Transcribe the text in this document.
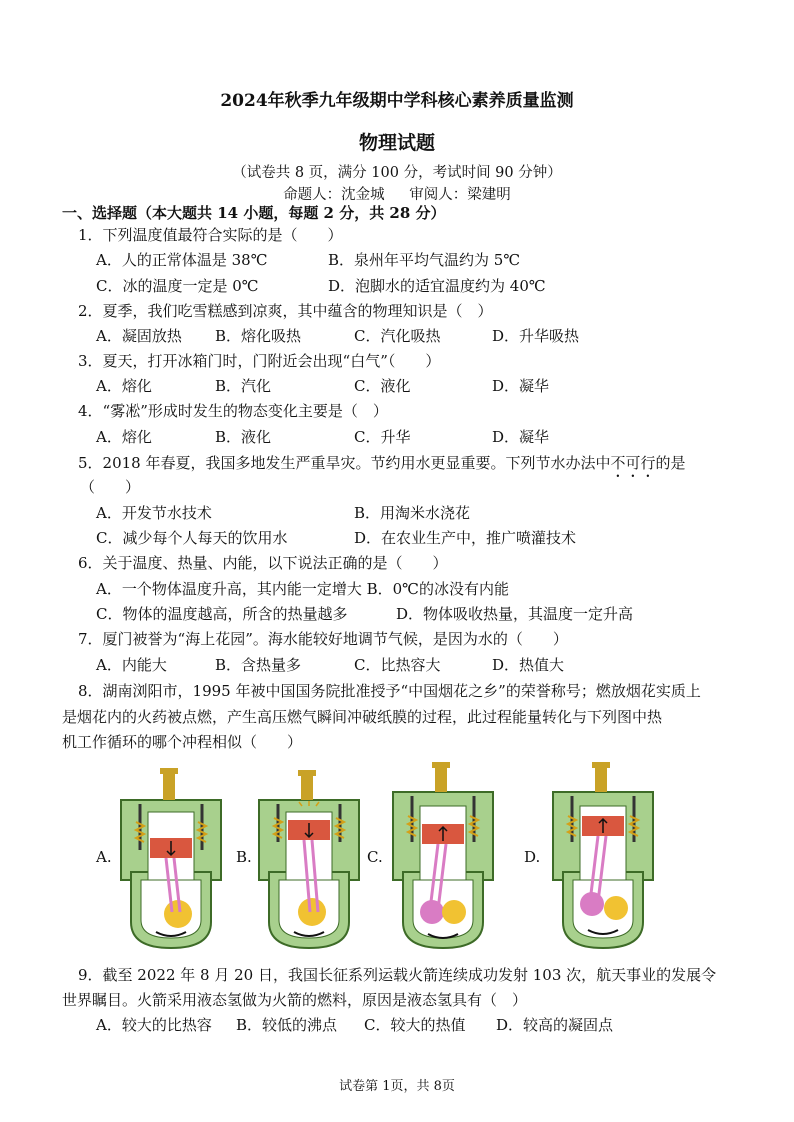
2024年秋季九年级期中学科核心素养质量监测
物理试题
（试卷共 8 页，满分 100 分，考试时间 90 分钟）
命题人：沈金城 审阅人：梁建明
一、选择题（本大题共 14 小题，每题 2 分，共 28 分）
1．下列温度值最符合实际的是（　　）
A．人的正常体温是 38℃	B．泉州年平均气温约为 5℃
C．冰的温度一定是 0℃	D．泡脚水的适宜温度约为 40℃
2．夏季，我们吃雪糕感到凉爽，其中蕴含的物理知识是（　）
A．凝固放热 B．熔化吸热	C．汽化吸热	D．升华吸热
3．夏天，打开冰箱门时，门附近会出现“白气”（　　）
A．熔化	B．汽化	C．液化	D．凝华
4．“雾凇”形成时发生的物态变化主要是（　）
A．熔化	B．液化	C．升华	D．凝华
5．2018 年春夏，我国多地发生严重旱灾。节约用水更显重要。下列节水办法中不可行的是
（　　）
A．开发节水技术	B．用淘米水浇花
C．减少每个人每天的饮用水	D．在农业生产中，推广喷灌技术
6．关于温度、热量、内能，以下说法正确的是（　　）
A．一个物体温度升高，其内能一定增大 B．0℃的冰没有内能
C．物体的温度越高，所含的热量越多	D．物体吸收热量，其温度一定升高
7．厦门被誉为“海上花园”。海水能较好地调节气候，是因为水的（　　）
A．内能大	B．含热量多	C．比热容大	D．热值大
8．湖南浏阳市，1995 年被中国国务院批准授予“中国烟花之乡”的荣誉称号；燃放烟花实质上
是烟花内的火药被点燃，产生高压燃气瞬间冲破纸膜的过程，此过程能量转化与下列图中热
机工作循环的哪个冲程相似（　　）
A.	B.	C.	D.
9．截至 2022 年 8 月 20 日，我国长征系列运载火箭连续成功发射 103 次，航天事业的发展令
世界瞩目。火箭采用液态氢做为火箭的燃料，原因是液态氢具有（　）
A．较大的比热容 B．较低的沸点 C．较大的热值 D．较高的凝固点
试卷第 1页，共 8页
